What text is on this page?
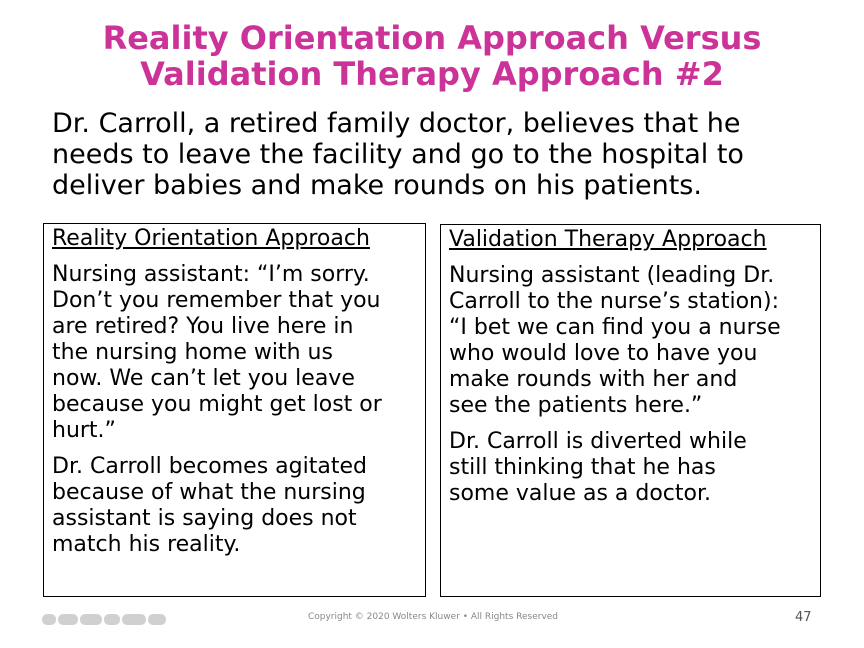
Reality Orientation Approach Versus
Validation Therapy Approach #2
Dr. Carroll, a retired family doctor, believes that he
needs to leave the facility and go to the hospital to
deliver babies and make rounds on his patients.
Reality Orientation Approach
Nursing assistant: “I’m sorry.
Don’t you remember that you
are retired? You live here in
the nursing home with us
now. We can’t let you leave
because you might get lost or
hurt.”
Dr. Carroll becomes agitated
because of what the nursing
assistant is saying does not
match his reality.
Validation Therapy Approach
Nursing assistant (leading Dr.
Carroll to the nurse’s station):
“I bet we can find you a nurse
who would love to have you
make rounds with her and
see the patients here.”
Dr. Carroll is diverted while
still thinking that he has
some value as a doctor.
Copyright © 2020 Wolters Kluwer • All Rights Reserved	47
